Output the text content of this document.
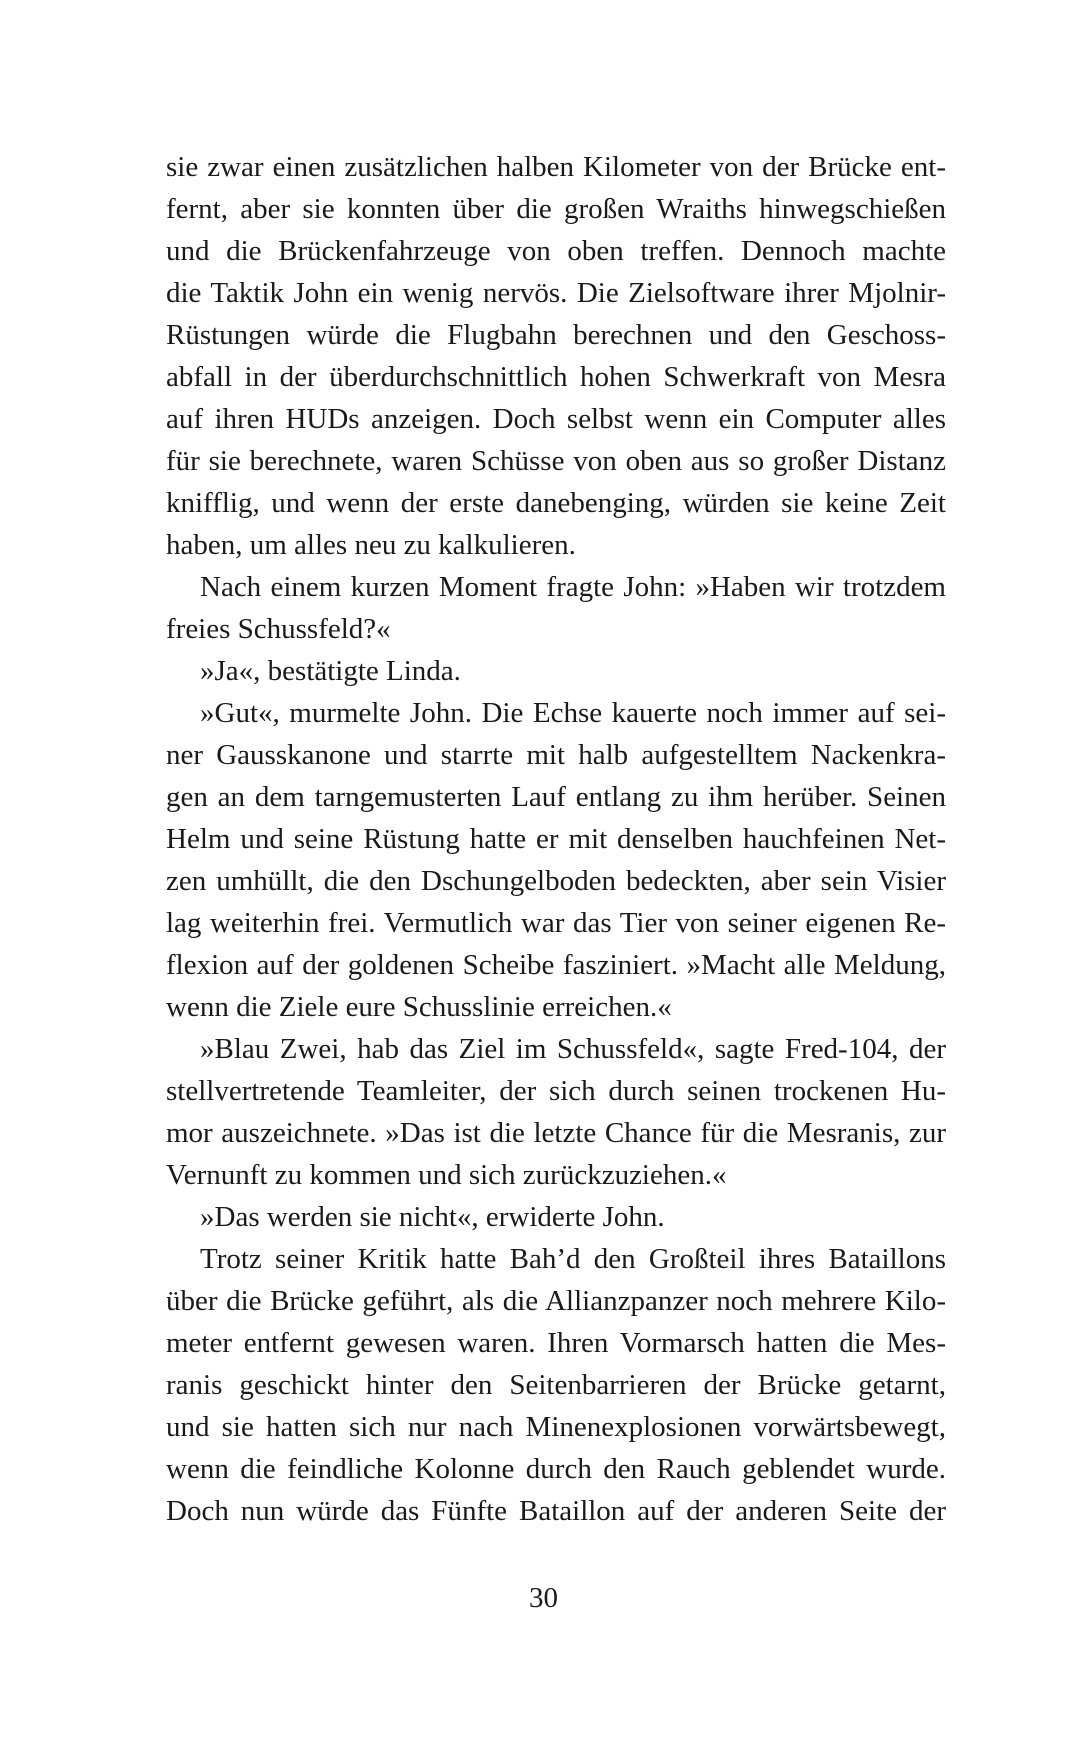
sie zwar einen zusätzlichen halben Kilometer von der Brücke ent-
fernt, aber sie konnten über die großen Wraiths hinwegschießen
und die Brückenfahrzeuge von oben treffen. Dennoch machte
die Taktik John ein wenig nervös. Die Zielsoftware ihrer Mjolnir-
Rüstungen würde die Flugbahn berechnen und den Geschoss-
abfall in der überdurchschnittlich hohen Schwerkraft von Mesra
auf ihren HUDs anzeigen. Doch selbst wenn ein Computer alles
für sie berechnete, waren Schüsse von oben aus so großer Distanz
knifflig, und wenn der erste danebenging, würden sie keine Zeit
haben, um alles neu zu kalkulieren.
Nach einem kurzen Moment fragte John: »Haben wir trotzdem
freies Schussfeld?«
»Ja«, bestätigte Linda.
»Gut«, murmelte John. Die Echse kauerte noch immer auf sei-
ner Gausskanone und starrte mit halb aufgestelltem Nackenkra-
gen an dem tarngemusterten Lauf entlang zu ihm herüber. Seinen
Helm und seine Rüstung hatte er mit denselben hauchfeinen Net-
zen umhüllt, die den Dschungelboden bedeckten, aber sein Visier
lag weiterhin frei. Vermutlich war das Tier von seiner eigenen Re-
flexion auf der goldenen Scheibe fasziniert. »Macht alle Meldung,
wenn die Ziele eure Schusslinie erreichen.«
»Blau Zwei, hab das Ziel im Schussfeld«, sagte Fred-104, der
stellvertretende Teamleiter, der sich durch seinen trockenen Hu-
mor auszeichnete. »Das ist die letzte Chance für die Mesranis, zur
Vernunft zu kommen und sich zurückzuziehen.«
»Das werden sie nicht«, erwiderte John.
Trotz seiner Kritik hatte Bah’d den Großteil ihres Bataillons
über die Brücke geführt, als die Allianzpanzer noch mehrere Kilo-
meter entfernt gewesen waren. Ihren Vormarsch hatten die Mes-
ranis geschickt hinter den Seitenbarrieren der Brücke getarnt,
und sie hatten sich nur nach Minenexplosionen vorwärtsbewegt,
wenn die feindliche Kolonne durch den Rauch geblendet wurde.
Doch nun würde das Fünfte Bataillon auf der anderen Seite der
30
